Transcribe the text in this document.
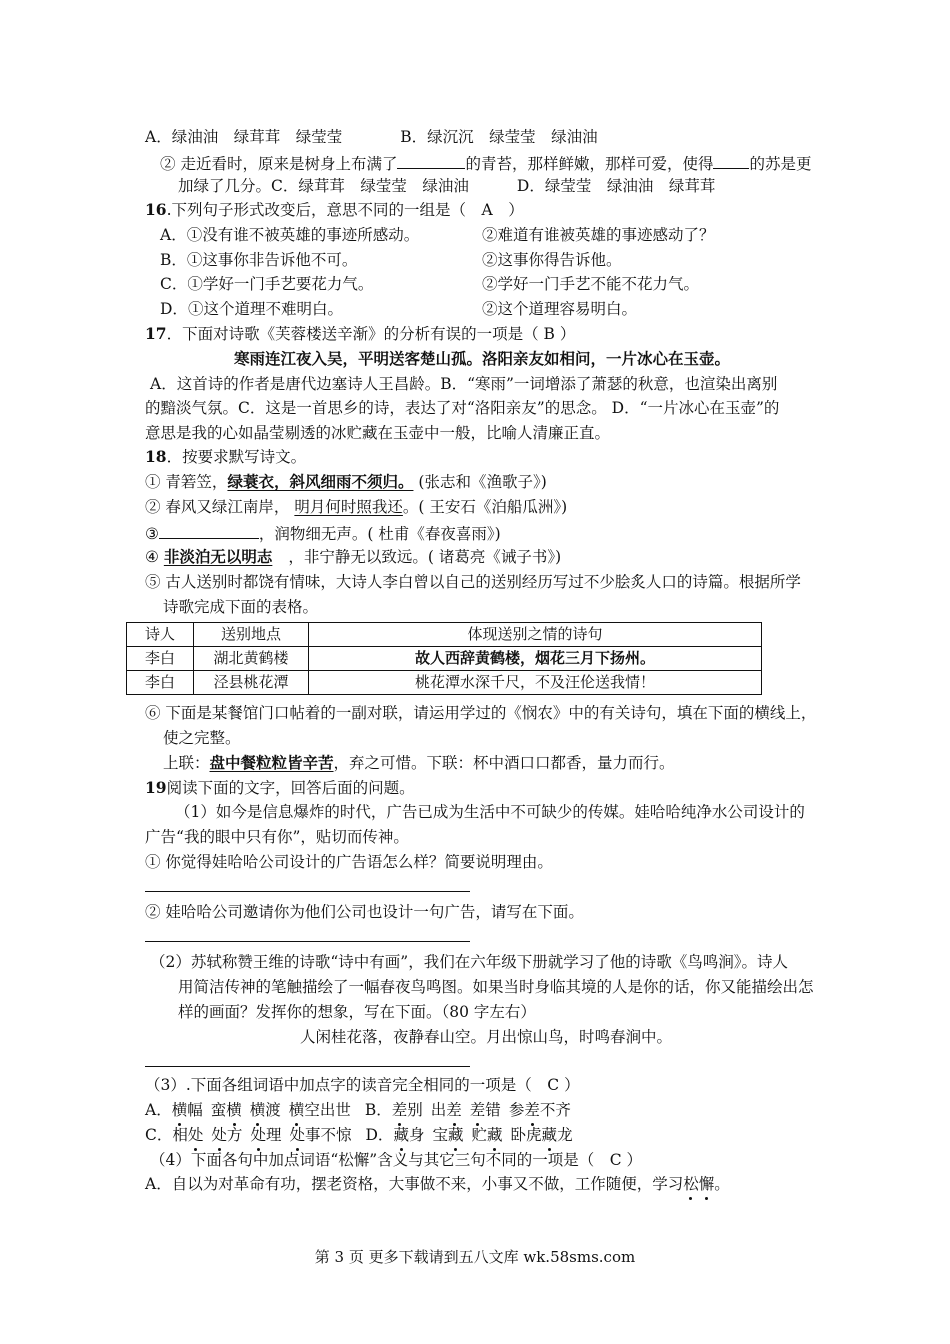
A．绿油油　绿茸茸　绿莹莹	B．绿沉沉　绿莹莹　绿油油
② 走近看时，原来是树身上布满了	的青苔，那样鲜嫩，那样可爱，使得 的苏是更
加绿了几分。C．绿茸茸　绿莹莹　绿油油	D．绿莹莹　绿油油　绿茸茸
16.下列句子形式改变后，意思不同的一组是（　A　）
A．①没有谁不被英雄的事迹所感动。	②难道有谁被英雄的事迹感动了？
B．①这事你非告诉他不可。	②这事你得告诉他。
C．①学好一门手艺要花力气。	②学好一门手艺不能不花力气。
D．①这个道理不难明白。	②这个道理容易明白。
17．下面对诗歌《芙蓉楼送辛渐》的分析有误的一项是（ B ）
寒雨连江夜入吴，平明送客楚山孤。洛阳亲友如相问，一片冰心在玉壶。
A．这首诗的作者是唐代边塞诗人王昌龄。B．“寒雨”一词增添了萧瑟的秋意，也渲染出离别
的黯淡气氛。C．这是一首思乡的诗，表达了对“洛阳亲友”的思念。 D．“一片冰心在玉壶”的
意思是我的心如晶莹剔透的冰贮藏在玉壶中一般，比喻人清廉正直。
18．按要求默写诗文。
① 青箬笠，绿蓑衣，斜风细雨不须归。 (张志和《渔歌子》)
② 春风又绿江南岸， 明月何时照我还。( 王安石《泊船瓜洲》)
③	，润物细无声。( 杜甫《春夜喜雨》)
④ 非淡泊无以明志 ，非宁静无以致远。( 诸葛亮《诫子书》)
⑤ 古人送别时都饶有情味，大诗人李白曾以自己的送别经历写过不少脍炙人口的诗篇。根据所学
诗歌完成下面的表格。
诗人	送别地点	体现送别之情的诗句
李白	湖北黄鹤楼	故人西辞黄鹤楼，烟花三月下扬州。
李白	泾县桃花潭	桃花潭水深千尺，不及汪伦送我情！
⑥ 下面是某餐馆门口帖着的一副对联，请运用学过的《悯农》中的有关诗句，填在下面的横线上，
使之完整。
上联：盘中餐粒粒皆辛苦，弃之可惜。下联：杯中酒口口都香，量力而行。
19阅读下面的文字，回答后面的问题。
（1）如今是信息爆炸的时代，广告已成为生活中不可缺少的传媒。娃哈哈纯净水公司设计的
广告“我的眼中只有你”，贴切而传神。
① 你觉得娃哈哈公司设计的广告语怎么样？简要说明理由。
② 娃哈哈公司邀请你为他们公司也设计一句广告，请写在下面。
（2）苏轼称赞王维的诗歌“诗中有画”，我们在六年级下册就学习了他的诗歌《鸟鸣涧》。诗人
用简洁传神的笔触描绘了一幅春夜鸟鸣图。如果当时身临其境的人是你的话，你又能描绘出怎
样的画面？发挥你的想象，写在下面。（80 字左右）
人闲桂花落，夜静春山空。月出惊山鸟，时鸣春涧中。
（3）.下面各组词语中加点字的读音完全相同的一项是（　C ）
A．横幅 蛮横 横渡 横空出世 B．差别 出差 差错 参差不齐
C．相处 处方 处理 处事不惊 D．藏身 宝藏 贮藏 卧虎藏龙
（4）下面各句中加点词语“松懈”含义与其它三句不同的一项是（　C ）
A．自以为对革命有功，摆老资格，大事做不来，小事又不做，工作随便，学习松懈。
第 3 页 更多下载请到五八文库 wk.58sms.com
